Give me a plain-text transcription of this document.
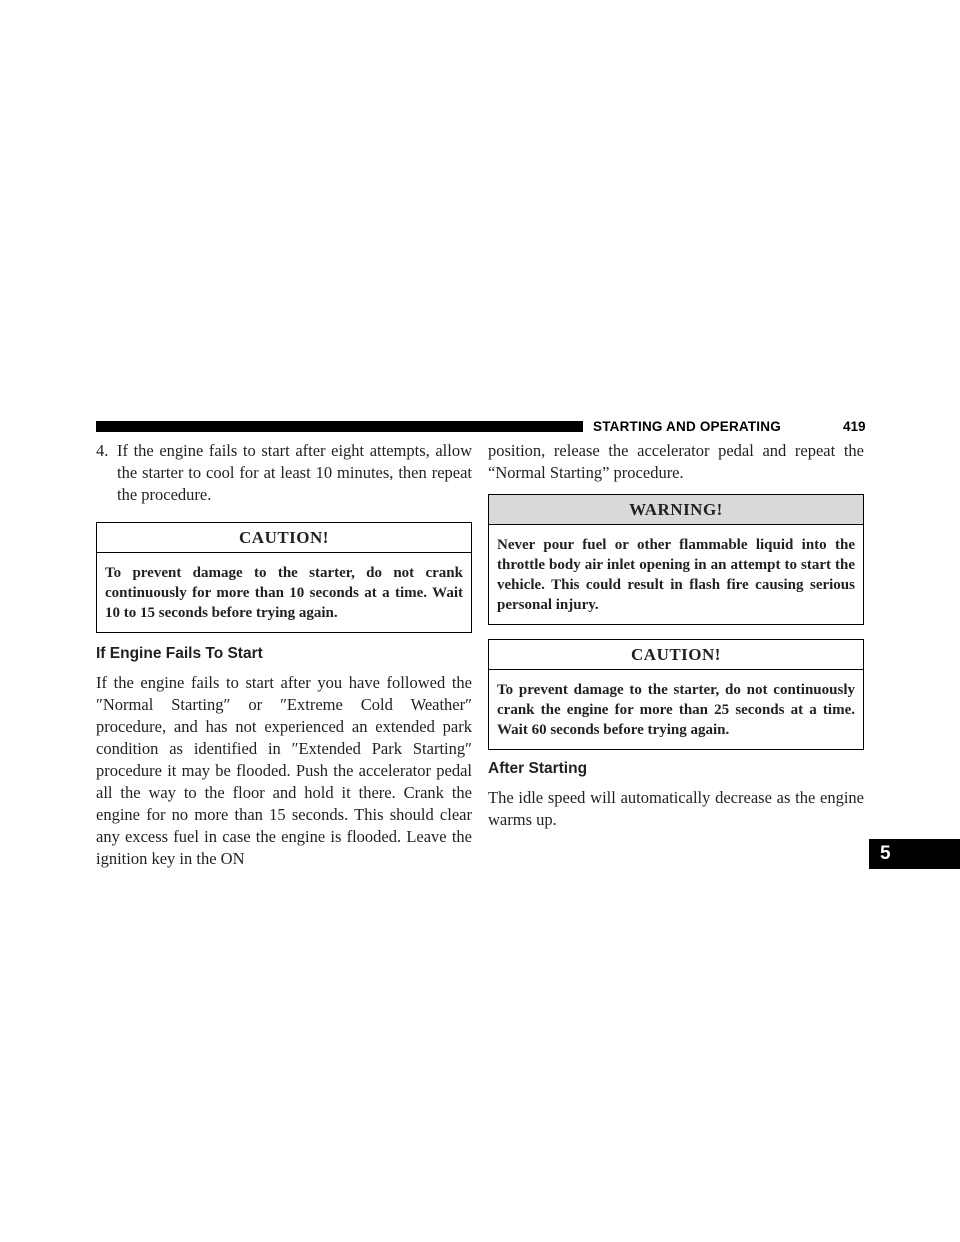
STARTING AND OPERATING	419
5
4. If the engine fails to start after eight attempts, allow the starter to cool for at least 10 minutes, then repeat the procedure.
CAUTION!
To prevent damage to the starter, do not crank continuously for more than 10 seconds at a time. Wait 10 to 15 seconds before trying again.
If Engine Fails To Start

If the engine fails to start after you have followed the ″Normal Starting″ or ″Extreme Cold Weather″ procedure, and has not experienced an extended park condition as identified in ″Extended Park Starting″ procedure it may be flooded. Push the accelerator pedal all the way to the floor and hold it there. Crank the engine for no more than 15 seconds. This should clear any excess fuel in case the engine is flooded. Leave the ignition key in the ON

position, release the accelerator pedal and repeat the “Normal Starting” procedure.

WARNING!
Never pour fuel or other flammable liquid into the throttle body air inlet opening in an attempt to start the vehicle. This could result in flash fire causing serious personal injury.
CAUTION!
To prevent damage to the starter, do not continuously crank the engine for more than 25 seconds at a time. Wait 60 seconds before trying again.
After Starting

The idle speed will automatically decrease as the engine warms up.
